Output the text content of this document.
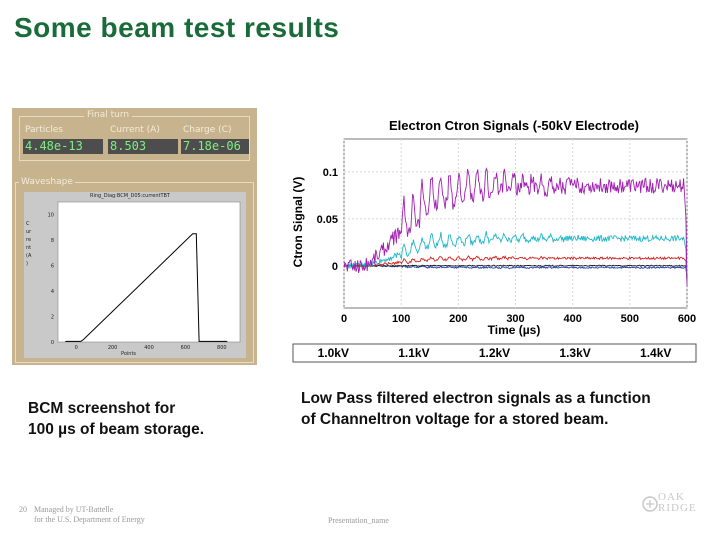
Some beam test results
Final turn
Particles	Current (A)	Charge (C)
4.48e-13	8.503	7.18e-06
Waveshape
Ring_Diag:BCM_D05:currentTBT
Points
Current (A)
10
8
6
4
2
0
0	200	400	600	800
Electron Ctron Signals (-50kV Electrode)
Ctron Signal (V)
Time (µs)
0	100	200	300	400	500	600
0
0.05
0.1
1.0kV	1.1kV	1.2kV	1.3kV	1.4kV
BCM screenshot for
100 µs of beam storage.
Low Pass filtered electron signals as a function
of Channeltron voltage for a stored beam.
20 Managed by UT-Battelle
for the U.S. Department of Energy	Presentation_name
OAK
RIDGE
